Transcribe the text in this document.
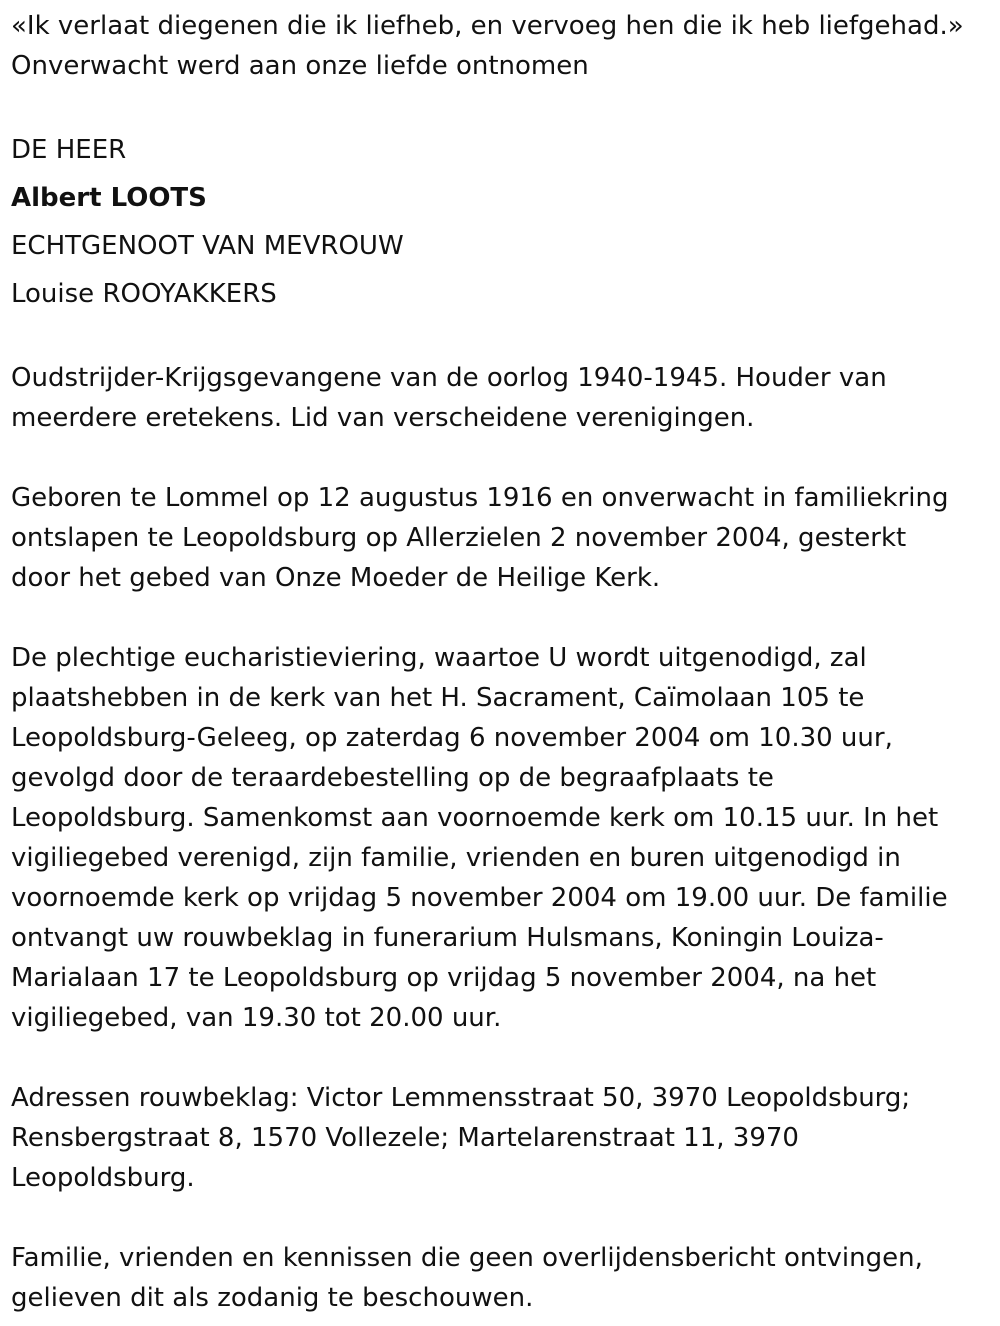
«Ik verlaat diegenen die ik liefheb, en vervoeg hen die ik heb liefgehad.»

Onverwacht werd aan onze liefde ontnomen

DE HEER

Albert LOOTS

ECHTGENOOT VAN MEVROUW

Louise ROOYAKKERS

Oudstrijder-Krijgsgevangene van de oorlog 1940-1945. Houder van
meerdere eretekens. Lid van verscheidene verenigingen.

Geboren te Lommel op 12 augustus 1916 en onverwacht in familiekring
ontslapen te Leopoldsburg op Allerzielen 2 november 2004, gesterkt
door het gebed van Onze Moeder de Heilige Kerk.

De plechtige eucharistieviering, waartoe U wordt uitgenodigd, zal
plaatshebben in de kerk van het H. Sacrament, Caïmolaan 105 te
Leopoldsburg-Geleeg, op zaterdag 6 november 2004 om 10.30 uur,
gevolgd door de teraardebestelling op de begraafplaats te
Leopoldsburg. Samenkomst aan voornoemde kerk om 10.15 uur. In het
vigiliegebed verenigd, zijn familie, vrienden en buren uitgenodigd in
voornoemde kerk op vrijdag 5 november 2004 om 19.00 uur. De familie
ontvangt uw rouwbeklag in funerarium Hulsmans, Koningin Louiza-
Marialaan 17 te Leopoldsburg op vrijdag 5 november 2004, na het
vigiliegebed, van 19.30 tot 20.00 uur.

Adressen rouwbeklag: Victor Lemmensstraat 50, 3970 Leopoldsburg;
Rensbergstraat 8, 1570 Vollezele; Martelarenstraat 11, 3970
Leopoldsburg.

Familie, vrienden en kennissen die geen overlijdensbericht ontvingen,
gelieven dit als zodanig te beschouwen.
